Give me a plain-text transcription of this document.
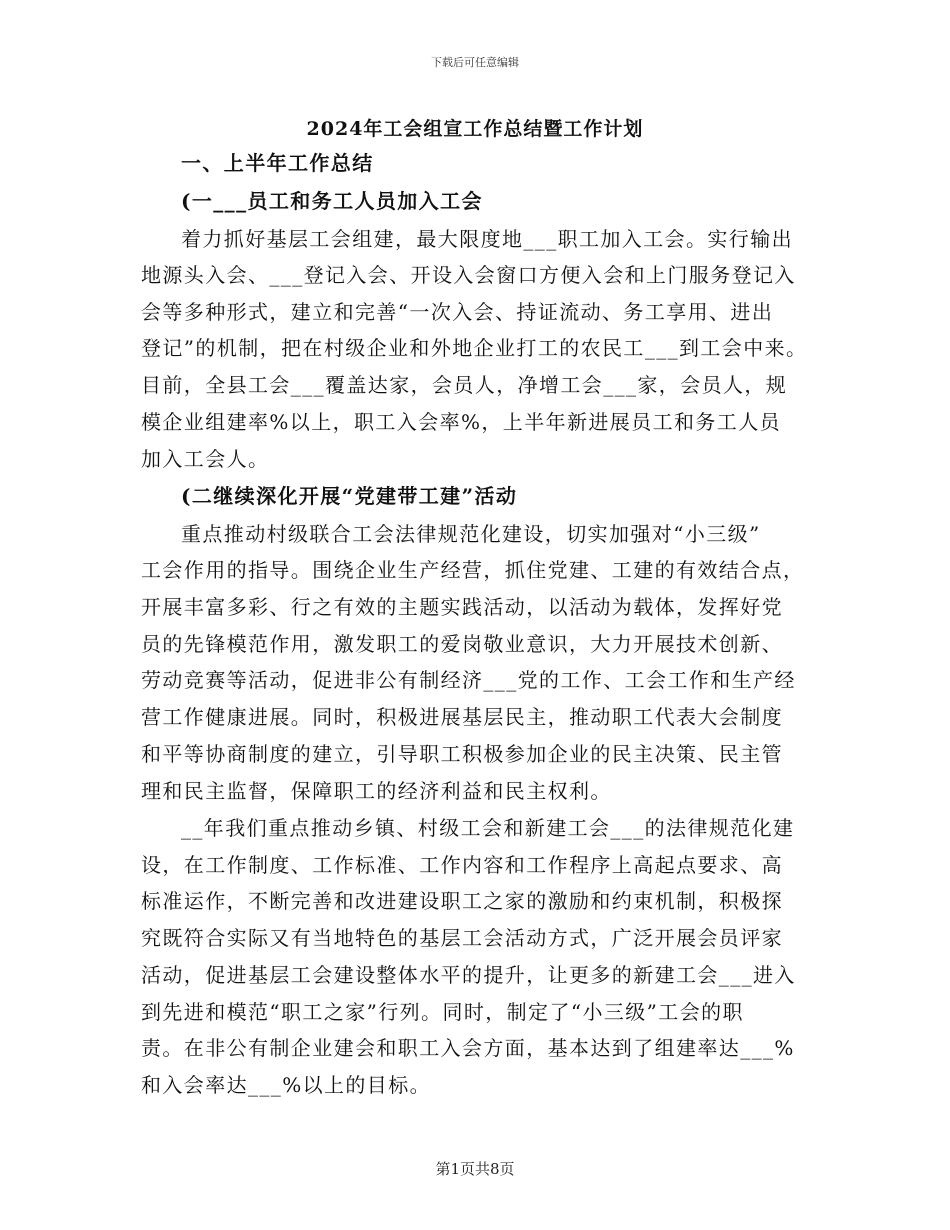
下载后可任意编辑
2024年工会组宣工作总结暨工作计划
一、上半年工作总结
(一___员工和务工人员加入工会
着力抓好基层工会组建，最大限度地___职工加入工会。实行输出
地源头入会、___登记入会、开设入会窗口方便入会和上门服务登记入
会等多种形式，建立和完善“一次入会、持证流动、务工享用、进出
登记”的机制，把在村级企业和外地企业打工的农民工___到工会中来。
目前，全县工会___覆盖达家，会员人，净增工会___家，会员人，规
模企业组建率%以上，职工入会率%，上半年新进展员工和务工人员
加入工会人。
(二继续深化开展“党建带工建”活动
重点推动村级联合工会法律规范化建设，切实加强对“小三级”
工会作用的指导。围绕企业生产经营，抓住党建、工建的有效结合点，
开展丰富多彩、行之有效的主题实践活动，以活动为载体，发挥好党
员的先锋模范作用，激发职工的爱岗敬业意识，大力开展技术创新、
劳动竞赛等活动，促进非公有制经济___党的工作、工会工作和生产经
营工作健康进展。同时，积极进展基层民主，推动职工代表大会制度
和平等协商制度的建立，引导职工积极参加企业的民主决策、民主管
理和民主监督，保障职工的经济利益和民主权利。
__年我们重点推动乡镇、村级工会和新建工会___的法律规范化建
设，在工作制度、工作标准、工作内容和工作程序上高起点要求、高
标准运作，不断完善和改进建设职工之家的激励和约束机制，积极探
究既符合实际又有当地特色的基层工会活动方式，广泛开展会员评家
活动，促进基层工会建设整体水平的提升，让更多的新建工会___进入
到先进和模范“职工之家”行列。同时，制定了“小三级”工会的职
责。在非公有制企业建会和职工入会方面，基本达到了组建率达___%
和入会率达___%以上的目标。
第1页共8页
